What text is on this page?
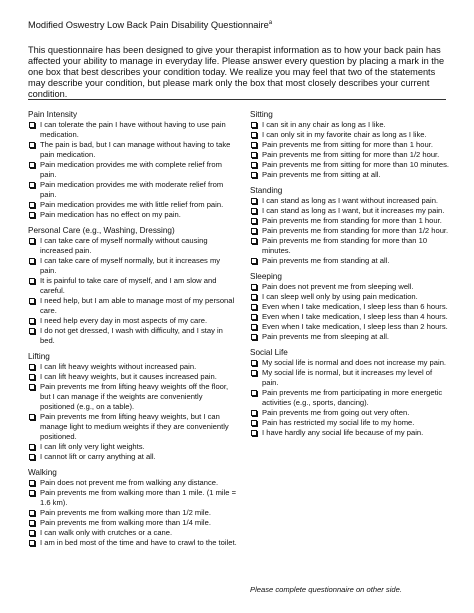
Modified Oswestry Low Back Pain Disability Questionnaire$^a$
This questionnaire has been designed to give your therapist information as to how your back pain has affected your ability to manage in everyday life. Please answer every question by placing a mark in the one box that best describes your condition today. We realize you may feel that two of the statements may describe your condition, but please mark only the box that most closely describes your current condition.
Pain Intensity
I can tolerate the pain I have without having to use pain medication.
The pain is bad, but I can manage without having to take pain medication.
Pain medication provides me with complete relief from pain.
Pain medication provides me with moderate relief from pain.
Pain medication provides me with little relief from pain.
Pain medication has no effect on my pain.
Personal Care (e.g., Washing, Dressing)
I can take care of myself normally without causing increased pain.
I can take care of myself normally, but it increases my pain.
It is painful to take care of myself, and I am slow and careful.
I need help, but I am able to manage most of my personal care.
I need help every day in most aspects of my care.
I do not get dressed, I wash with difficulty, and I stay in bed.
Lifting
I can lift heavy weights without increased pain.
I can lift heavy weights, but it causes increased pain.
Pain prevents me from lifting heavy weights off the floor, but I can manage if the weights are conveniently positioned (e.g., on a table).
Pain prevents me from lifting heavy weights, but I can manage light to medium weights if they are conveniently positioned.
I can lift only very light weights.
I cannot lift or carry anything at all.
Walking
Pain does not prevent me from walking any distance.
Pain prevents me from walking more than 1 mile. (1 mile = 1.6 km).
Pain prevents me from walking more than 1/2 mile.
Pain prevents me from walking more than 1/4 mile.
I can walk only with crutches or a cane.
I am in bed most of the time and have to crawl to the toilet.
Sitting
I can sit in any chair as long as I like.
I can only sit in my favorite chair as long as I like.
Pain prevents me from sitting for more than 1 hour.
Pain prevents me from sitting for more than 1/2 hour.
Pain prevents me from sitting for more than 10 minutes.
Pain prevents me from sitting at all.
Standing
I can stand as long as I want without increased pain.
I can stand as long as I want, but it increases my pain.
Pain prevents me from standing for more than 1 hour.
Pain prevents me from standing for more than 1/2 hour.
Pain prevents me from standing for more than 10 minutes.
Pain prevents me from standing at all.
Sleeping
Pain does not prevent me from sleeping well.
I can sleep well only by using pain medication.
Even when I take medication, I sleep less than 6 hours.
Even when I take medication, I sleep less than 4 hours.
Even when I take medication, I sleep less than 2 hours.
Pain prevents me from sleeping at all.
Social Life
My social life is normal and does not increase my pain.
My social life is normal, but it increases my level of pain.
Pain prevents me from participating in more energetic activities (e.g., sports, dancing).
Pain prevents me from going out very often.
Pain has restricted my social life to my home.
I have hardly any social life because of my pain.
Please complete questionnaire on other side.
